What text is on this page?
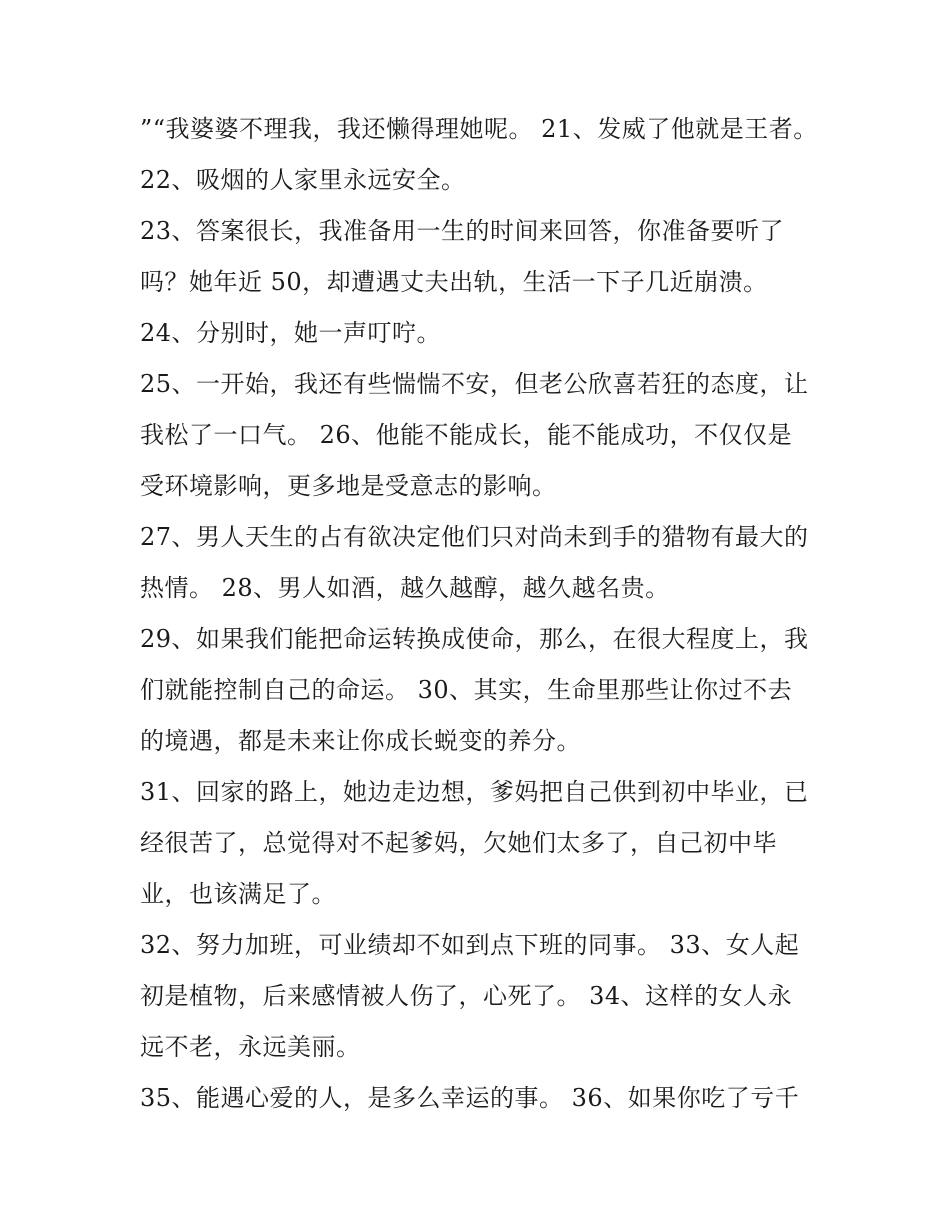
”“我婆婆不理我，我还懒得理她呢。 21、发威了他就是王者。
22、吸烟的人家里永远安全。
23、答案很长，我准备用一生的时间来回答，你准备要听了
吗？她年近 50，却遭遇丈夫出轨，生活一下子几近崩溃。
24、分别时，她一声叮咛。
25、一开始，我还有些惴惴不安，但老公欣喜若狂的态度，让
我松了一口气。 26、他能不能成长，能不能成功，不仅仅是
受环境影响，更多地是受意志的影响。
27、男人天生的占有欲决定他们只对尚未到手的猎物有最大的
热情。 28、男人如酒，越久越醇，越久越名贵。
29、如果我们能把命运转换成使命，那么，在很大程度上，我
们就能控制自己的命运。 30、其实，生命里那些让你过不去
的境遇，都是未来让你成长蜕变的养分。
31、回家的路上，她边走边想，爹妈把自己供到初中毕业，已
经很苦了，总觉得对不起爹妈，欠她们太多了，自己初中毕
业，也该满足了。
32、努力加班，可业绩却不如到点下班的同事。 33、女人起
初是植物，后来感情被人伤了，心死了。 34、这样的女人永
远不老，永远美丽。
35、能遇心爱的人，是多么幸运的事。 36、如果你吃了亏千
